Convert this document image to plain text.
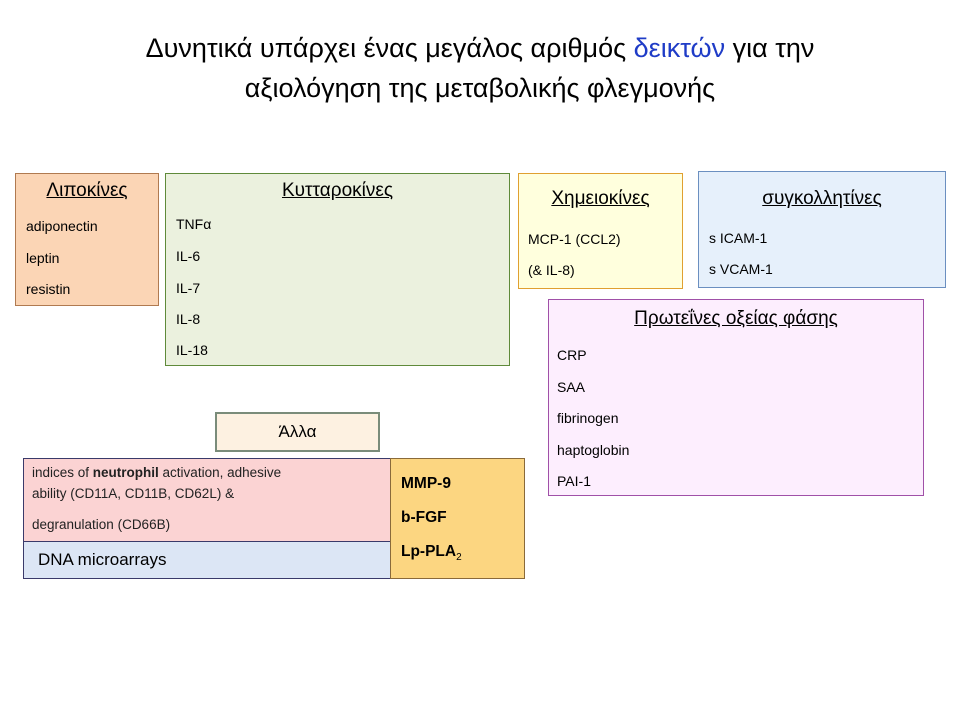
Δυνητικά υπάρχει ένας μεγάλος αριθμός δεικτών για την
αξιολόγηση της μεταβολικής φλεγμονής
Λιποκίνες
adiponectin
leptin
resistin
Κυτταροκίνες
TNFα
IL-6
IL-7
IL-8
IL-18
Χημειοκίνες
MCP-1 (CCL2)
(& IL-8)
συγκολλητίνες
s ICAM-1
s VCAM-1
Πρωτεΐνες οξείας φάσης
CRP
SAA
fibrinogen
haptoglobin
PAI-1
Άλλα
indices of neutrophil activation, adhesive
ability (CD11A, CD11B, CD62L) &
degranulation (CD66B)
DNA microarrays
MMP-9
b-FGF
$Lp-PLA_2$
